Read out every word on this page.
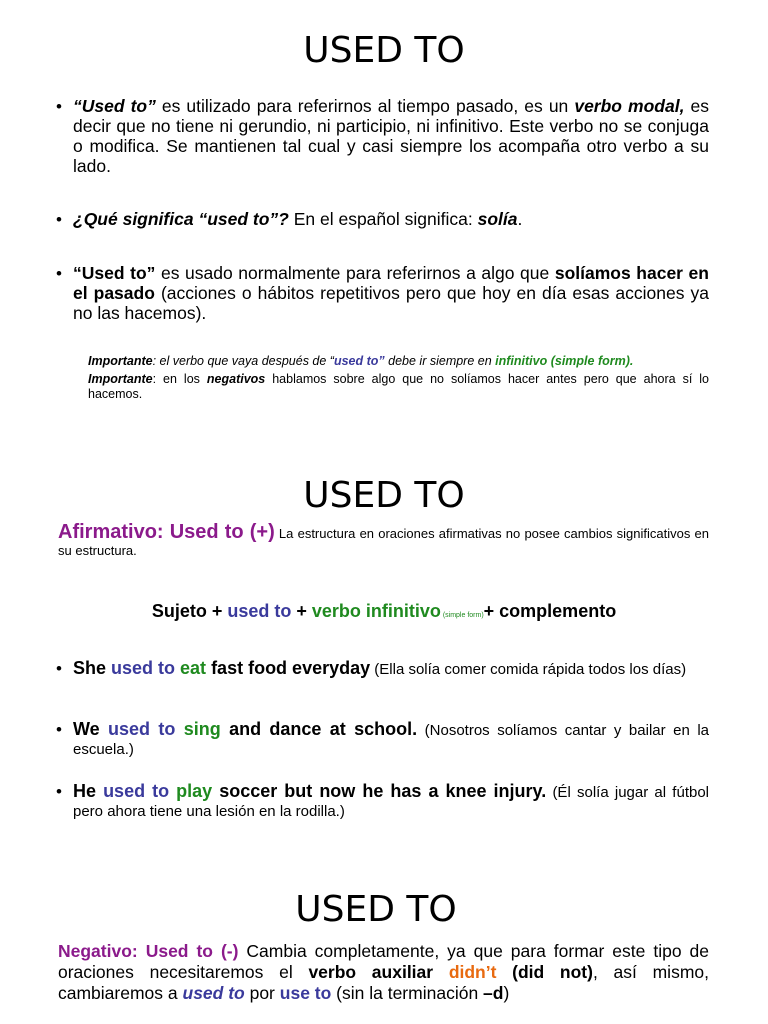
USED TO
• “Used to” es utilizado para referirnos al tiempo pasado, es un verbo modal, es decir que no tiene ni gerundio, ni participio, ni infinitivo. Este verbo no se conjuga o modifica. Se mantienen tal cual y casi siempre los acompaña otro verbo a su lado.
• ¿Qué significa “used to”? En el español significa: solía.
• “Used to” es usado normalmente para referirnos a algo que solíamos hacer en el pasado (acciones o hábitos repetitivos pero que hoy en día esas acciones ya no las hacemos).
Importante: el verbo que vaya después de “used to” debe ir siempre en infinitivo (simple form).
Importante: en los negativos hablamos sobre algo que no solíamos hacer antes pero que ahora sí lo hacemos.
USED TO
Afirmativo: Used to (+) La estructura en oraciones afirmativas no posee cambios significativos en su estructura.
Sujeto + used to + verbo infinitivo (simple form)+ complemento
• She used to eat fast food everyday (Ella solía comer comida rápida todos los días)
• We used to sing and dance at school. (Nosotros solíamos cantar y bailar en la escuela.)
• He used to play soccer but now he has a knee injury. (Él solía jugar al fútbol pero ahora tiene una lesión en la rodilla.)
USED TO
Negativo: Used to (-) Cambia completamente, ya que para formar este tipo de oraciones necesitaremos el verbo auxiliar didn’t (did not), así mismo, cambiaremos a used to por use to (sin la terminación –d)
